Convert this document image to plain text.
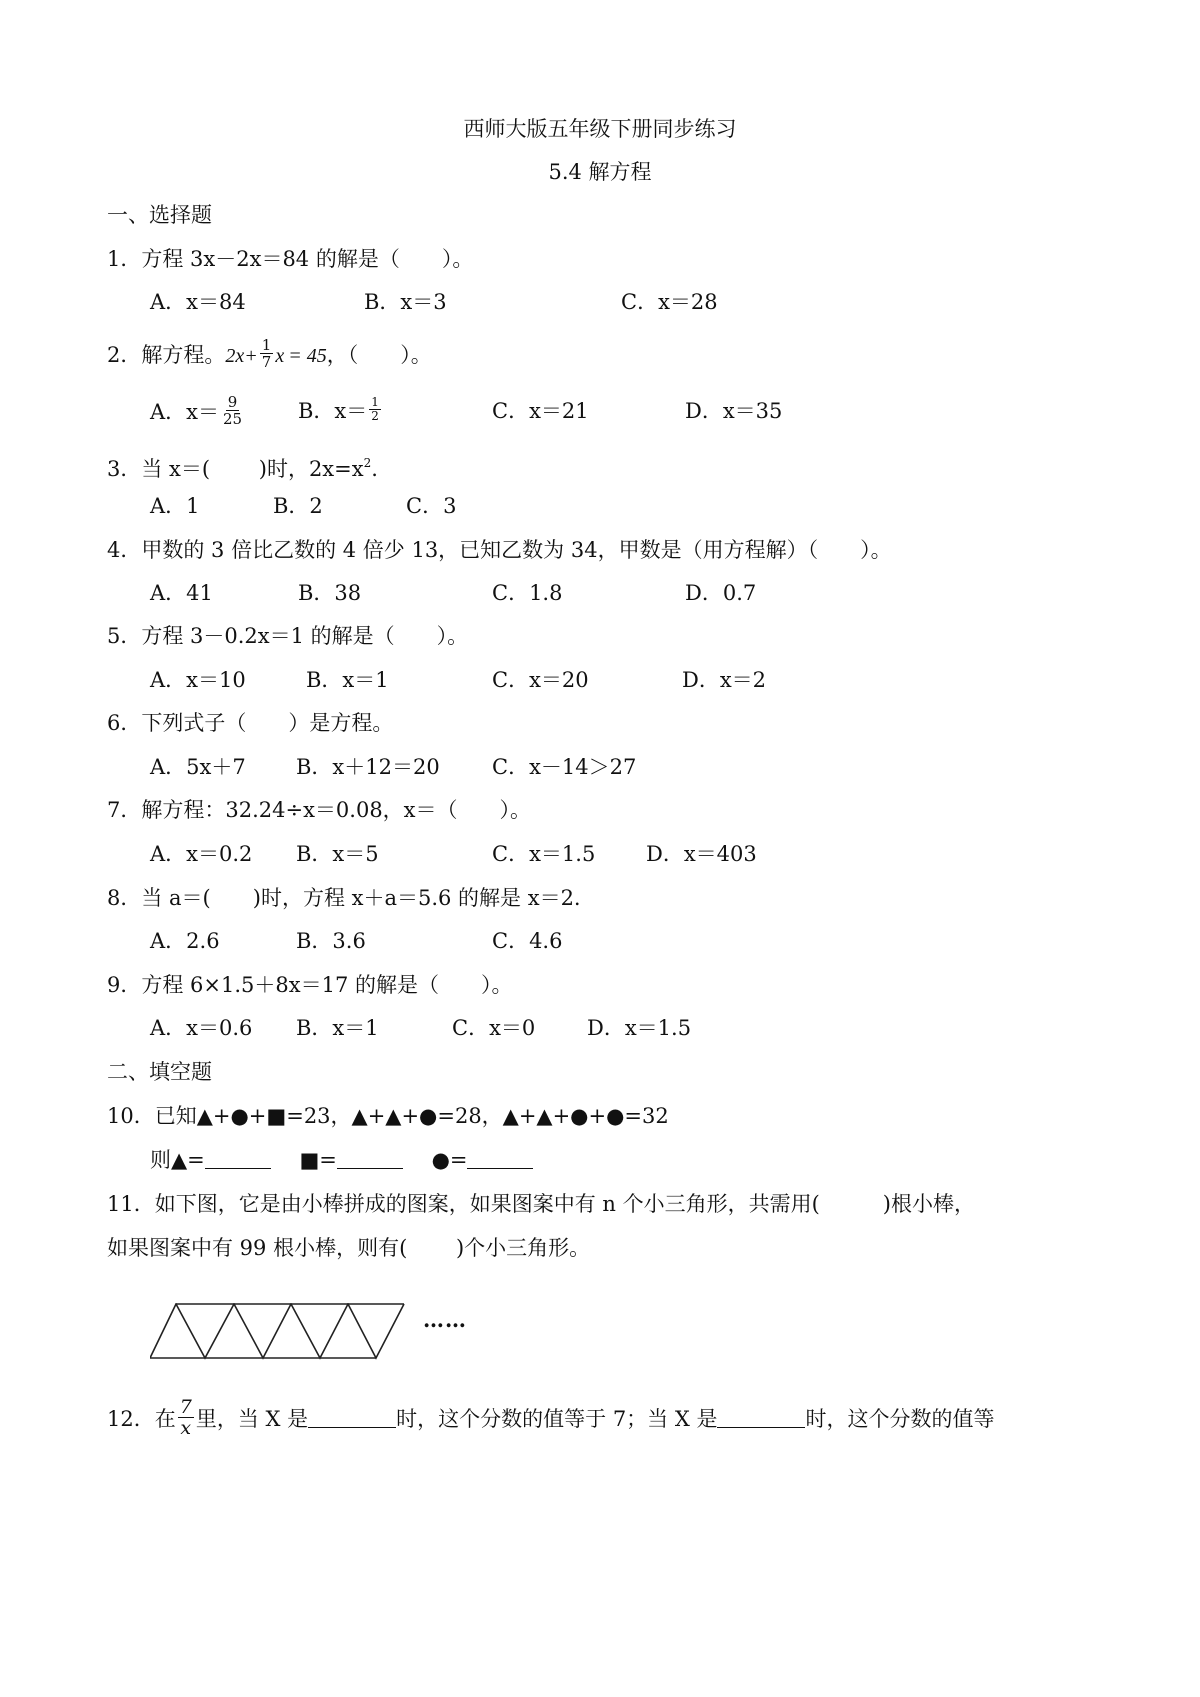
西师大版五年级下册同步练习
5.4 解方程
一、选择题
1．方程 3x－2x＝84 的解是（　　）。
A．x＝84	B．x＝3	C．x＝28
2．解方程。$2x+ \frac{1}{7}$ x = 45，（　　）。
A．$x= \frac{9}{25}$	B．$x= \frac{1}{2}$	C．x＝21	D．x＝35
3．当 x＝(　　 )时，$2x=x^2$.
A．1	B．2	C．3
4．甲数的 3 倍比乙数的 4 倍少 13，已知乙数为 34，甲数是（用方程解）（　　）。
A．41	B．38	C．1.8	D．0.7
5．方程 3－0.2x＝1 的解是（　　）。
A．x＝10	B．x＝1	C．x＝20	D．x＝2
6．下列式子（　　）是方程。
A．5x＋7 B．x＋12＝20 C．x－14＞27
7．解方程：32.24÷x＝0.08，x＝（　　）。
A．x＝0.2 B．x＝5	C．x＝1.5 D．x＝403
8．当 a＝(　　)时，方程 x＋a＝5.6 的解是 x＝2.
A．2.6	B．3.6	C．4.6
9．方程 6×1.5＋8x＝17 的解是（　　）。
A．x＝0.6 B．x＝1	C．x＝0 D．x＝1.5
二、填空题
10．已知▲+●+■=23，▲+▲+●=28，▲+▲+●+●=32
则▲=	■=	●=
11．如下图，它是由小棒拼成的图案，如果图案中有 n 个小三角形，共需用(　　　)根小棒，
如果图案中有 99 根小棒，则有(　　 )个小三角形。
……
12．在 $\frac{7}{x}$ 里，当 X 是	时，这个分数的值等于 7；当 X 是	时，这个分数的值等
